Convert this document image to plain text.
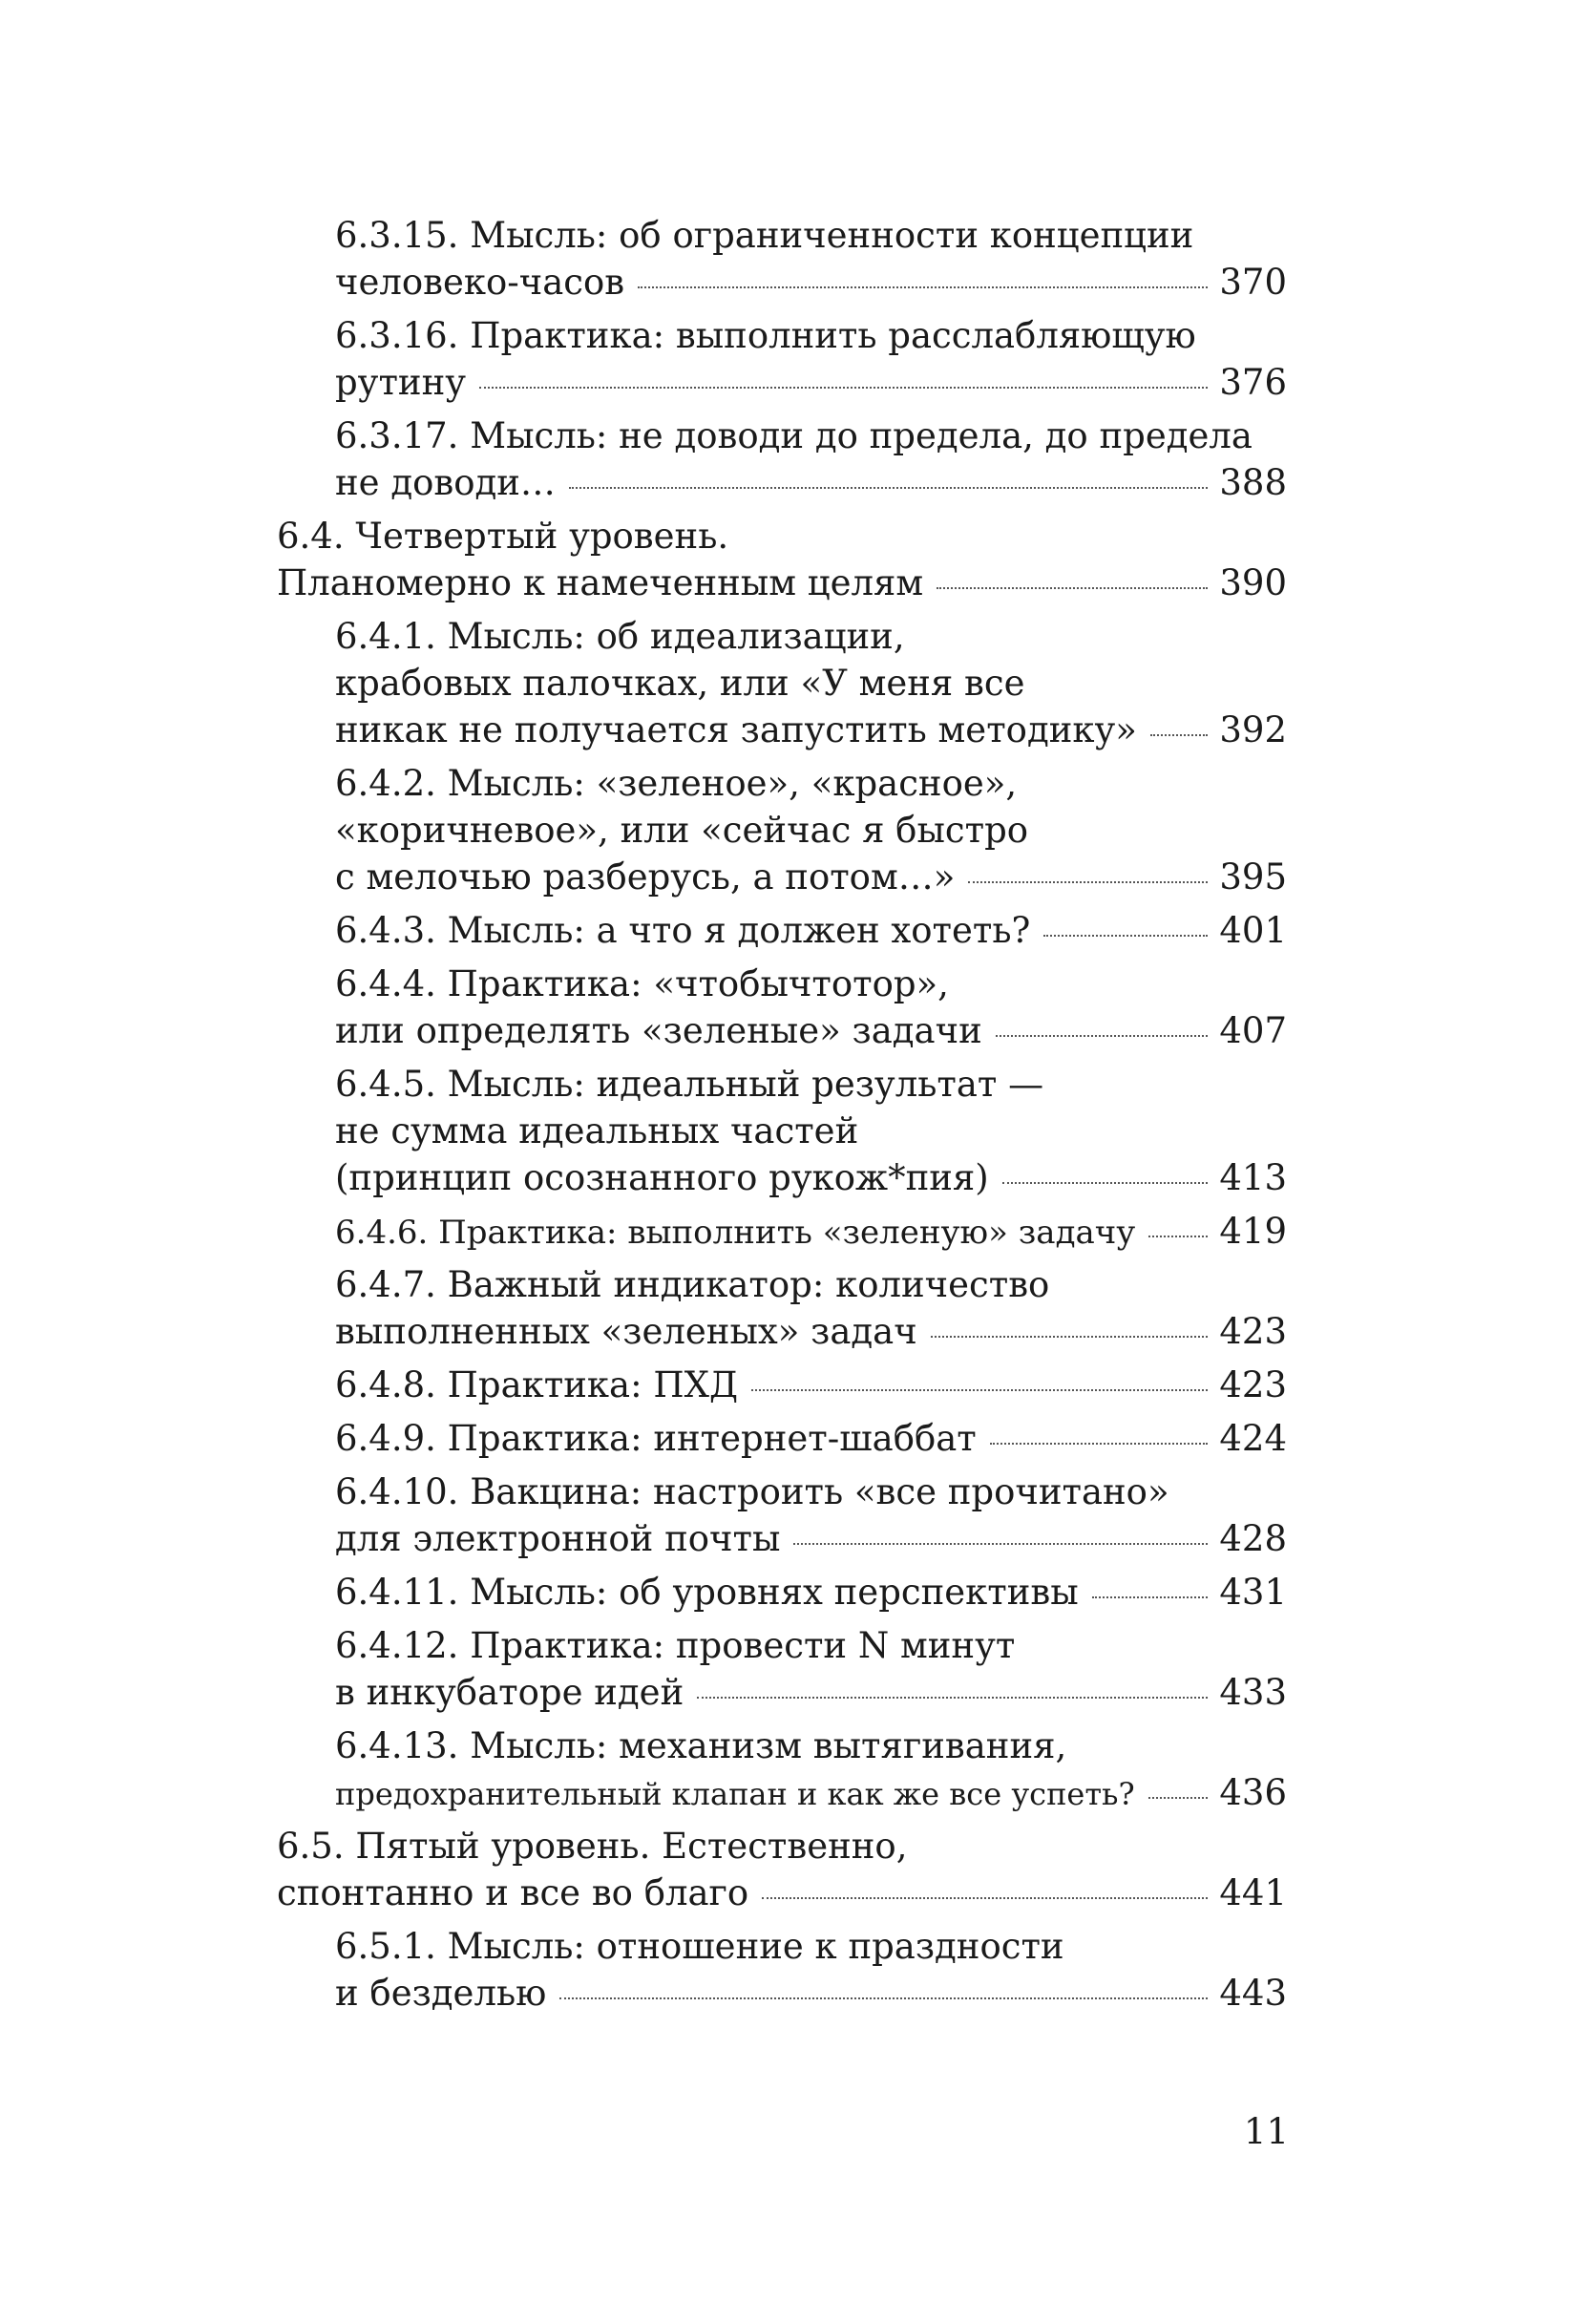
6.3.15. Мысль: об ограниченности концепции
человеко-часов	370
6.3.16. Практика: выполнить расслабляющую
рутину	376
6.3.17. Мысль: не доводи до предела, до предела
не доводи…	388
6.4. Четвертый уровень.
Планомерно к намеченным целям	390
6.4.1. Мысль: об идеализации,
крабовых палочках, или «У меня все
никак не получается запустить методику» 392
6.4.2. Мысль: «зеленое», «красное»,
«коричневое», или «сейчас я быстро
с мелочью разберусь, а потом…»	395
6.4.3. Мысль: а что я должен хотеть?	401
6.4.4. Практика: «чтобычтотор»,
или определять «зеленые» задачи	407
6.4.5. Мысль: идеальный результат —
не сумма идеальных частей
(принцип осознанного рукож*пия)	413
6.4.6. Практика: выполнить «зеленую» задачу 419
6.4.7. Важный индикатор: количество
выполненных «зеленых» задач	423
6.4.8. Практика: ПХД	423
6.4.9. Практика: интернет-шаббат	424
6.4.10. Вакцина: настроить «все прочитано»
для электронной почты	428
6.4.11. Мысль: об уровнях перспективы	431
6.4.12. Практика: провести N минут
в инкубаторе идей	433
6.4.13. Мысль: механизм вытягивания,
предохранительный клапан и как же все успеть? 436
6.5. Пятый уровень. Естественно,
спонтанно и все во благо	441
6.5.1. Мысль: отношение к праздности
и безделью	443
11
